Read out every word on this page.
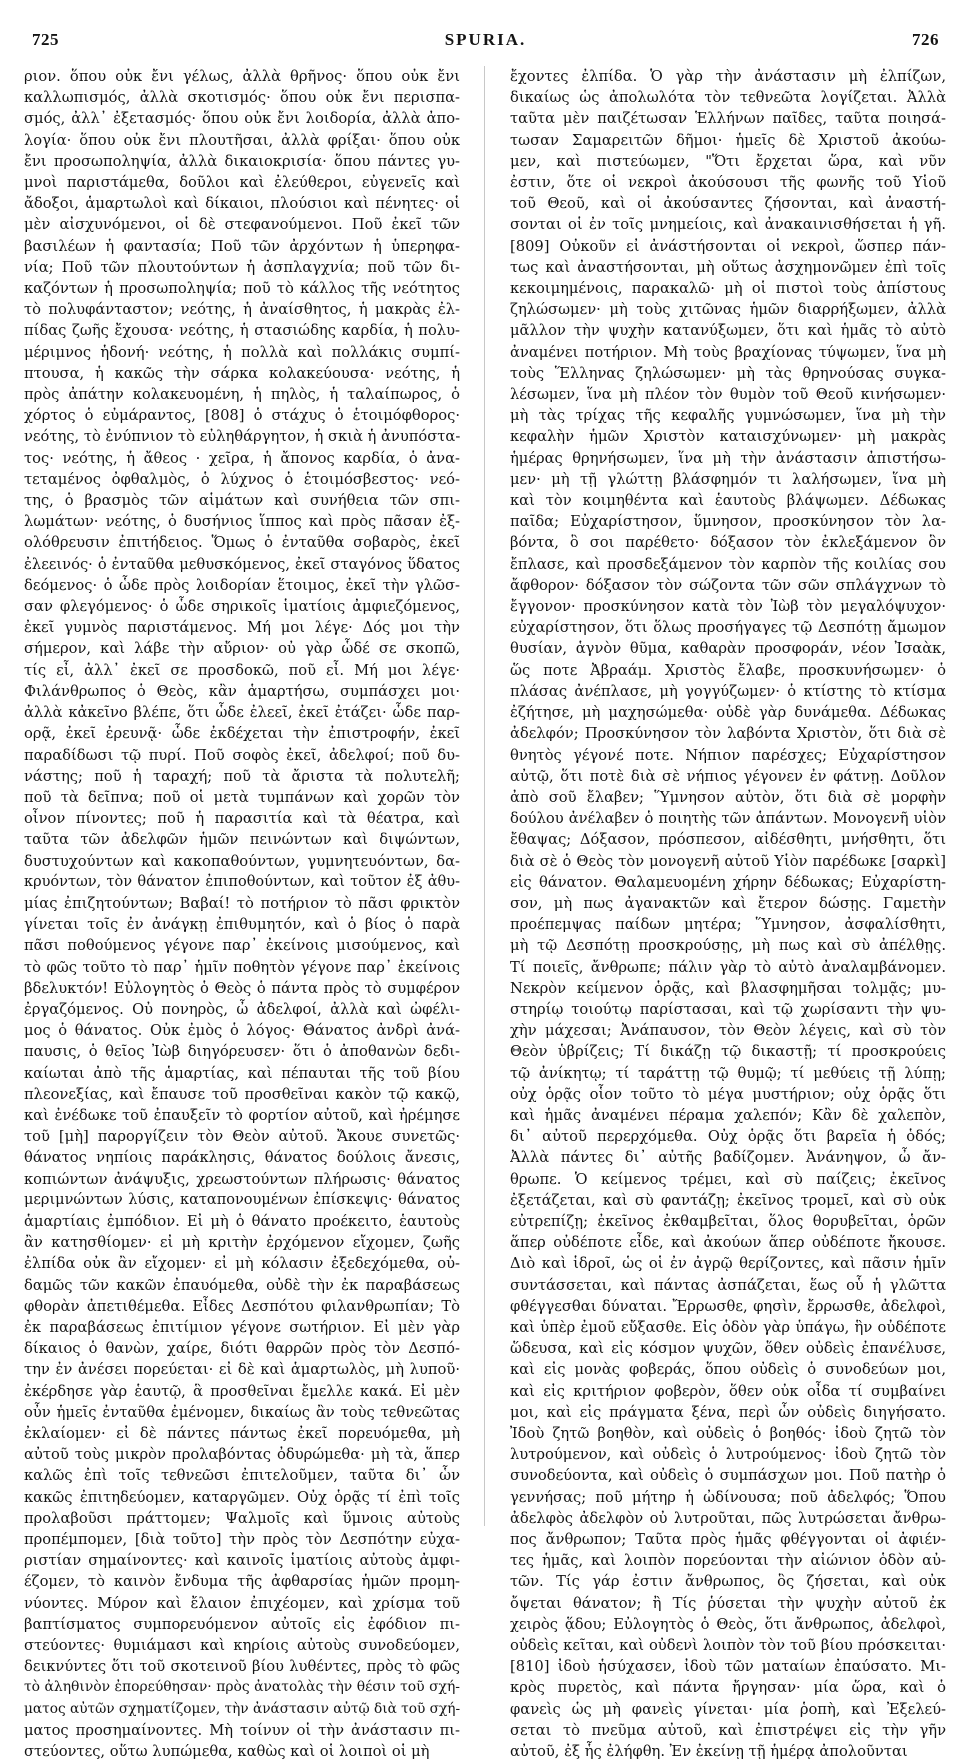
725	SPURIA.	726
ριον. ὅπου οὐκ ἔνι γέλως, ἀλλὰ θρῆνος· ὅπου οὐκ ἔνι
καλλωπισμός, ἀλλὰ σκοτισμός· ὅπου οὐκ ἔνι περισπα-
σμός, ἀλλ᾽ ἐξετασμός· ὅπου οὐκ ἔνι λοιδορία, ἀλλὰ ἀπο-
λογία· ὅπου οὐκ ἔνι πλουτῆσαι, ἀλλὰ φρίξαι· ὅπου οὐκ
ἔνι προσωποληψία, ἀλλὰ δικαιοκρισία· ὅπου πάντες γυ-
μνοὶ παριστάμεθα, δοῦλοι καὶ ἐλεύθεροι, εὐγενεῖς καὶ
ἄδοξοι, ἁμαρτωλοὶ καὶ δίκαιοι, πλούσιοι καὶ πένητες· οἱ
μὲν αἰσχυνόμενοι, οἱ δὲ στεφανούμενοι. Ποῦ ἐκεῖ τῶν
βασιλέων ἡ φαντασία; Ποῦ τῶν ἀρχόντων ἡ ὑπερηφα-
νία; Ποῦ τῶν πλουτούντων ἡ ἀσπλαγχνία; ποῦ τῶν δι-
καζόντων ἡ προσωποληψία; ποῦ τὸ κάλλος τῆς νεότητος
τὸ πολυφάνταστον; νεότης, ἡ ἀναίσθητος, ἡ μακρὰς ἐλ-
πίδας ζωῆς ἔχουσα· νεότης, ἡ στασιώδης καρδία, ἡ πολυ-
μέριμνος ἡδονή· νεότης, ἡ πολλὰ καὶ πολλάκις συμπί-
πτουσα, ἡ κακῶς τὴν σάρκα κολακεύουσα· νεότης, ἡ
πρὸς ἀπάτην κολακευομένη, ἡ πηλὸς, ἡ ταλαίπωρος, ὁ
χόρτος ὁ εὐμάραντος, [808] ὁ στάχυς ὁ ἑτοιμόφθορος·
νεότης, τὸ ἐνύπνιον τὸ εὐληθάργητον, ἡ σκιὰ ἡ ἀνυπόστα-
τος· νεότης, ἡ ἄθεος · χεῖρα, ἡ ἄπονος καρδία, ὁ ἀνα-
τεταμένος ὀφθαλμὸς, ὁ λύχνος ὁ ἑτοιμόσβεστος· νεό-
της, ὁ βρασμὸς τῶν αἱμάτων καὶ συνήθεια τῶν σπι-
λωμάτων· νεότης, ὁ δυσήνιος ἵππος καὶ πρὸς πᾶσαν ἐξ-
ολόθρευσιν ἐπιτήδειος. Ὅμως ὁ ἐνταῦθα σοβαρὸς, ἐκεῖ
ἐλεεινός· ὁ ἐνταῦθα μεθυσκόμενος, ἐκεῖ σταγόνος ὕδατος
δεόμενος· ὁ ὧδε πρὸς λοιδορίαν ἕτοιμος, ἐκεῖ τὴν γλῶσ-
σαν φλεγόμενος· ὁ ὧδε σηρικοῖς ἱματίοις ἀμφιεζόμενος,
ἐκεῖ γυμνὸς παριστάμενος. Μή μοι λέγε· Δός μοι τὴν
σήμερον, καὶ λάβε τὴν αὔριον· οὐ γὰρ ὧδέ σε σκοπῶ,
τίς εἶ, ἀλλ᾽ ἐκεῖ σε προσδοκῶ, ποῦ εἶ. Μή μοι λέγε·
Φιλάνθρωπος ὁ Θεὸς, κἂν ἁμαρτήσω, συμπάσχει μοι·
ἀλλὰ κἀκεῖνο βλέπε, ὅτι ὧδε ἐλεεῖ, ἐκεῖ ἐτάζει· ὧδε παρ-
ορᾷ, ἐκεῖ ἐρευνᾷ· ὧδε ἐκδέχεται τὴν ἐπιστροφήν, ἐκεῖ
παραδίδωσι τῷ πυρί. Ποῦ σοφὸς ἐκεῖ, ἀδελφοί; ποῦ δυ-
νάστης; ποῦ ἡ ταραχή; ποῦ τὰ ἄριστα τὰ πολυτελῆ;
ποῦ τὰ δεῖπνα; ποῦ οἱ μετὰ τυμπάνων καὶ χορῶν τὸν
οἶνον πίνοντες; ποῦ ἡ παρασιτία καὶ τὰ θέατρα, καὶ
ταῦτα τῶν ἀδελφῶν ἡμῶν πεινώντων καὶ διψώντων,
δυστυχούντων καὶ κακοπαθούντων, γυμνητευόντων, δα-
κρυόντων, τὸν θάνατον ἐπιποθούντων, καὶ τοῦτον ἐξ ἀθυ-
μίας ἐπιζητούντων; Βαβαί! τὸ ποτήριον τὸ πᾶσι φρικτὸν
γίνεται τοῖς ἐν ἀνάγκῃ ἐπιθυμητόν, καὶ ὁ βίος ὁ παρὰ
πᾶσι ποθούμενος γέγονε παρ᾽ ἐκείνοις μισούμενος, καὶ
τὸ φῶς τοῦτο τὸ παρ᾽ ἡμῖν ποθητὸν γέγονε παρ᾽ ἐκείνοις
βδελυκτόν! Εὐλογητὸς ὁ Θεὸς ὁ πάντα πρὸς τὸ συμφέρον
ἐργαζόμενος. Οὐ πονηρὸς, ὦ ἀδελφοί, ἀλλὰ καὶ ὠφέλι-
μος ὁ θάνατος. Οὐκ ἐμὸς ὁ λόγος· Θάνατος ἀνδρὶ ἀνά-
παυσις, ὁ θεῖος Ἰὼβ διηγόρευσεν· ὅτι ὁ ἀποθανὼν δεδι-
καίωται ἀπὸ τῆς ἁμαρτίας, καὶ πέπαυται τῆς τοῦ βίου
πλεονεξίας, καὶ ἔπαυσε τοῦ προσθεῖναι κακὸν τῷ κακῷ,
καὶ ἐνέδωκε τοῦ ἐπαυξεῖν τὸ φορτίον αὐτοῦ, καὶ ἠρέμησε
τοῦ [μὴ] παροργίζειν τὸν Θεὸν αὐτοῦ. Ἄκουε συνετῶς·
θάνατος νηπίοις παράκλησις, θάνατος δούλοις ἄνεσις,
κοπιώντων ἀνάψυξις, χρεωστούντων πλήρωσις· θάνατος
μεριμνώντων λύσις, καταπονουμένων ἐπίσκεψις· θάνατος
ἁμαρτίαις ἐμπόδιον. Εἰ μὴ ὁ θάνατο προέκειτο, ἑαυτοὺς
ἂν κατησθίομεν· εἰ μὴ κριτὴν ἐρχόμενον εἴχομεν, ζωῆς
ἐλπίδα οὐκ ἂν εἴχομεν· εἰ μὴ κόλασιν ἐξεδεχόμεθα, οὐ-
δαμῶς τῶν κακῶν ἐπαυόμεθα, οὐδὲ τὴν ἐκ παραβάσεως
φθορὰν ἀπετιθέμεθα. Εἶδες Δεσπότου φιλανθρωπίαν; Τὸ
ἐκ παραβάσεως ἐπιτίμιον γέγονε σωτήριον. Εἰ μὲν γὰρ
δίκαιος ὁ θανὼν, χαίρε, διότι θαρρῶν πρὸς τὸν Δεσπό-
την ἐν ἀνέσει πορεύεται· εἰ δὲ καὶ ἁμαρτωλὸς, μὴ λυποῦ·
ἐκέρδησε γὰρ ἑαυτῷ, ἃ προσθεῖναι ἔμελλε κακά. Εἰ μὲν
οὖν ἡμεῖς ἐνταῦθα ἐμένομεν, δικαίως ἂν τοὺς τεθνεῶτας
ἐκλαίομεν· εἰ δὲ πάντες πάντως ἐκεῖ πορευόμεθα, μὴ
αὐτοῦ τοὺς μικρὸν προλαβόντας ὀδυρώμεθα· μὴ τὰ, ἅπερ
καλῶς ἐπὶ τοῖς τεθνεῶσι ἐπιτελοῦμεν, ταῦτα δι᾽ ὧν
κακῶς ἐπιτηδεύομεν, καταργῶμεν. Οὐχ ὁρᾷς τί ἐπὶ τοῖς
προλαβοῦσι πράττομεν; Ψαλμοῖς καὶ ὕμνοις αὐτοὺς
προπέμπομεν, [διὰ τοῦτο] τὴν πρὸς τὸν Δεσπότην εὐχα-
ριστίαν σημαίνοντες· καὶ καινοῖς ἱματίοις αὐτοὺς ἀμφι-
έζομεν, τὸ καινὸν ἔνδυμα τῆς ἀφθαρσίας ἡμῶν προμη-
νύοντες. Μύρον καὶ ἔλαιον ἐπιχέομεν, καὶ χρίσμα τοῦ
βαπτίσματος συμπορευόμενον αὐτοῖς εἰς ἐφόδιον πι-
στεύοντες· θυμιάμασι καὶ κηρίοις αὐτοὺς συνοδεύομεν,
δεικνύντες ὅτι τοῦ σκοτεινοῦ βίου λυθέντες, πρὸς τὸ φῶς
τὸ ἀληθινὸν ἐπορεύθησαν· πρὸς ἀνατολὰς τὴν θέσιν τοῦ σχή-
ματος αὐτῶν σχηματίζομεν, τὴν ἀνάστασιν αὐτῷ διὰ τοῦ σχή-
ματος προσημαίνοντες. Μὴ τοίνυν οἱ τὴν ἀνάστασιν πι-
στεύοντες, οὕτω λυπώμεθα, καθὼς καὶ οἱ λοιποὶ οἱ μὴ
ἔχοντες ἐλπίδα. Ὁ γὰρ τὴν ἀνάστασιν μὴ ἐλπίζων,
δικαίως ὡς ἀπολωλότα τὸν τεθνεῶτα λογίζεται. Ἀλλὰ
ταῦτα μὲν παιζέτωσαν Ἑλλήνων παῖδες, ταῦτα ποιησά-
τωσαν Σαμαρειτῶν δῆμοι· ἡμεῖς δὲ Χριστοῦ ἀκούω-
μεν, καὶ πιστεύωμεν, "Ὅτι ἔρχεται ὥρα, καὶ νῦν
ἐστιν, ὅτε οἱ νεκροὶ ἀκούσουσι τῆς φωνῆς τοῦ Υἱοῦ
τοῦ Θεοῦ, καὶ οἱ ἀκούσαντες ζήσονται, καὶ ἀναστή-
σονται οἱ ἐν τοῖς μνημείοις, καὶ ἀνακαινισθήσεται ἡ γῆ.
[809] Οὐκοῦν εἰ ἀνάστήσονται οἱ νεκροὶ, ὥσπερ πάν-
τως καὶ ἀναστήσονται, μὴ οὕτως ἀσχημονῶμεν ἐπὶ τοῖς
κεκοιμημένοις, παρακαλῶ· μὴ οἱ πιστοὶ τοὺς ἀπίστους
ζηλώσωμεν· μὴ τοὺς χιτῶνας ἡμῶν διαρρήξωμεν, ἀλλὰ
μᾶλλον τὴν ψυχὴν κατανύξωμεν, ὅτι καὶ ἡμᾶς τὸ αὐτὸ
ἀναμένει ποτήριον. Μὴ τοὺς βραχίονας τύψωμεν, ἵνα μὴ
τοὺς Ἕλληνας ζηλώσωμεν· μὴ τὰς θρηνούσας συγκα-
λέσωμεν, ἵνα μὴ πλέον τὸν θυμὸν τοῦ Θεοῦ κινήσωμεν·
μὴ τὰς τρίχας τῆς κεφαλῆς γυμνώσωμεν, ἵνα μὴ τὴν
κεφαλὴν ἡμῶν Χριστὸν καταισχύνωμεν· μὴ μακρὰς
ἡμέρας θρηνήσωμεν, ἵνα μὴ τὴν ἀνάστασιν ἀπιστήσω-
μεν· μὴ τῇ γλώττῃ βλάσφημόν τι λαλήσωμεν, ἵνα μὴ
καὶ τὸν κοιμηθέντα καὶ ἑαυτοὺς βλάψωμεν. Δέδωκας
παῖδα; Εὐχαρίστησον, ὕμνησον, προσκύνησον τὸν λα-
βόντα, ὃ σοι παρέθετο· δόξασον τὸν ἐκλεξάμενον ὃν
ἔπλασε, καὶ προσδεξάμενον τὸν καρπὸν τῆς κοιλίας σου
ἄφθορον· δόξασον τὸν σώζοντα τῶν σῶν σπλάγχνων τὸ
ἔγγονον· προσκύνησον κατὰ τὸν Ἰὼβ τὸν μεγαλόψυχον·
εὐχαρίστησον, ὅτι ὅλως προσήγαγες τῷ Δεσπότῃ ἄμωμον
θυσίαν, ἁγνὸν θῦμα, καθαρὰν προσφοράν, νέον Ἰσαὰκ,
ὥς ποτε Ἀβραάμ. Χριστὸς ἔλαβε, προσκυνήσωμεν· ὁ
πλάσας ἀνέπλασε, μὴ γογγύζωμεν· ὁ κτίστης τὸ κτίσμα
ἐζήτησε, μὴ μαχησώμεθα· οὐδὲ γὰρ δυνάμεθα. Δέδωκας
ἀδελφόν; Προσκύνησον τὸν λαβόντα Χριστὸν, ὅτι διὰ σὲ
θνητὸς γέγονέ ποτε. Νήπιον παρέσχες; Εὐχαρίστησον
αὐτῷ, ὅτι ποτὲ διὰ σὲ νήπιος γέγονεν ἐν φάτνῃ. Δοῦλον
ἀπὸ σοῦ ἔλαβεν; Ὕμνησον αὐτὸν, ὅτι διὰ σὲ μορφὴν
δούλου ἀνέλαβεν ὁ ποιητὴς τῶν ἁπάντων. Μονογενῆ υἱὸν
ἔθαψας; Δόξασον, πρόσπεσον, αἰδέσθητι, μνήσθητι, ὅτι
διὰ σὲ ὁ Θεὸς τὸν μονογενῆ αὐτοῦ Υἱὸν παρέδωκε [σαρκὶ]
εἰς θάνατον. Θαλαμευομένη χήρην δέδωκας; Εὐχαρίστη-
σον, μὴ πως ἀγανακτῶν καὶ ἔτερον δώσῃς. Γαμετὴν
προέπεμψας παίδων μητέρα; Ὕμνησον, ἀσφαλίσθητι,
μὴ τῷ Δεσπότῃ προσκρούσῃς, μὴ πως καὶ σὺ ἀπέλθῃς.
Τί ποιεῖς, ἄνθρωπε; πάλιν γὰρ τὸ αὐτὸ ἀναλαμβάνομεν.
Νεκρὸν κείμενον ὁρᾷς, καὶ βλασφημῆσαι τολμᾷς; μυ-
στηρίῳ τοιούτῳ παρίστασαι, καὶ τῷ χωρίσαντι τὴν ψυ-
χὴν μάχεσαι; Ἀνάπαυσον, τὸν Θεὸν λέγεις, καὶ σὺ τὸν
Θεὸν ὑβρίζεις; Τί δικάζῃ τῷ δικαστῇ; τί προσκρούεις
τῷ ἀνίκητῳ; τί ταράττῃ τῷ θυμῷ; τί μεθύεις τῇ λύπῃ;
οὐχ ὁρᾷς οἷον τοῦτο τὸ μέγα μυστήριον; οὐχ ὁρᾷς ὅτι
καὶ ἡμᾶς ἀναμένει πέραμα χαλεπόν; Κἂν δὲ χαλεπὸν,
δι᾽ αὐτοῦ περερχόμεθα. Οὐχ ὁρᾷς ὅτι βαρεῖα ἡ ὁδός;
Ἀλλὰ πάντες δι᾽ αὐτῆς βαδίζομεν. Ἀνάνηψον, ὦ ἄν-
θρωπε. Ὁ κείμενος τρέμει, καὶ σὺ παίζεις; ἐκεῖνος
ἐξετάζεται, καὶ σὺ φαντάζῃ; ἐκεῖνος τρομεῖ, καὶ σὺ οὐκ
εὐτρεπίζῃ; ἐκεῖνος ἐκθαμβεῖται, ὅλος θορυβεῖται, ὁρῶν
ἅπερ οὐδέποτε εἶδε, καὶ ἀκούων ἅπερ οὐδέποτε ἤκουσε.
Διὸ καὶ ἱδροῖ, ὡς οἱ ἐν ἀγρῷ θερίζοντες, καὶ πᾶσιν ἡμῖν
συντάσσεται, καὶ πάντας ἀσπάζεται, ἕως οὗ ἡ γλῶττα
φθέγγεσθαι δύναται. Ἔρρωσθε, φησὶν, ἔρρωσθε, ἀδελφοὶ,
καὶ ὑπὲρ ἐμοῦ εὔξασθε. Εἰς ὁδὸν γὰρ ὑπάγω, ἣν οὐδέποτε
ὥδευσα, καὶ εἰς κόσμον ψυχῶν, ὅθεν οὐδεὶς ἐπανέλυσε,
καὶ εἰς μονὰς φοβεράς, ὅπου οὐδεὶς ὁ συνοδεύων μοι,
καὶ εἰς κριτήριον φοβερὸν, ὅθεν οὐκ οἶδα τί συμβαίνει
μοι, καὶ εἰς πράγματα ξένα, περὶ ὧν οὐδεὶς διηγήσατο.
Ἰδοὺ ζητῶ βοηθὸν, καὶ οὐδεὶς ὁ βοηθός· ἰδοὺ ζητῶ τὸν
λυτρούμενον, καὶ οὐδεὶς ὁ λυτρούμενος· ἰδοὺ ζητῶ τὸν
συνοδεύοντα, καὶ οὐδεὶς ὁ συμπάσχων μοι. Ποῦ πατὴρ ὁ
γεννήσας; ποῦ μήτηρ ἡ ὠδίνουσα; ποῦ ἀδελφός; Ὅπου
ἀδελφὸς ἀδελφὸν οὐ λυτροῦται, πῶς λυτρώσεται ἄνθρω-
πος ἄνθρωπον; Ταῦτα πρὸς ἡμᾶς φθέγγονται οἱ ἀφιέν-
τες ἡμᾶς, καὶ λοιπὸν πορεύονται τὴν αἰώνιον ὁδὸν αὐ-
τῶν. Τίς γάρ ἐστιν ἄνθρωπος, ὃς ζήσεται, καὶ οὐκ
ὄψεται θάνατον; ἢ Τίς ῥύσεται τὴν ψυχὴν αὐτοῦ ἐκ
χειρὸς ᾅδου; Εὐλογητὸς ὁ Θεὸς, ὅτι ἄνθρωπος, ἀδελφοὶ,
οὐδεὶς κεῖται, καὶ οὐδενὶ λοιπὸν τὸν τοῦ βίου πρόσκειται·
[810] ἰδοὺ ἡσύχασεν, ἰδοὺ τῶν ματαίων ἐπαύσατο. Μι-
κρὸς πυρετὸς, καὶ πάντα ἤργησαν· μία ὥρα, καὶ ὁ
φανεὶς ὡς μὴ φανεὶς γίνεται· μία ῥοπὴ, καὶ Ἐξελεύ-
σεται τὸ πνεῦμα αὐτοῦ, καὶ ἐπιστρέψει εἰς τὴν γῆν
αὐτοῦ, ἐξ ἧς ἐλήφθη. Ἐν ἐκείνῃ τῇ ἡμέρᾳ ἀπολοῦνται
